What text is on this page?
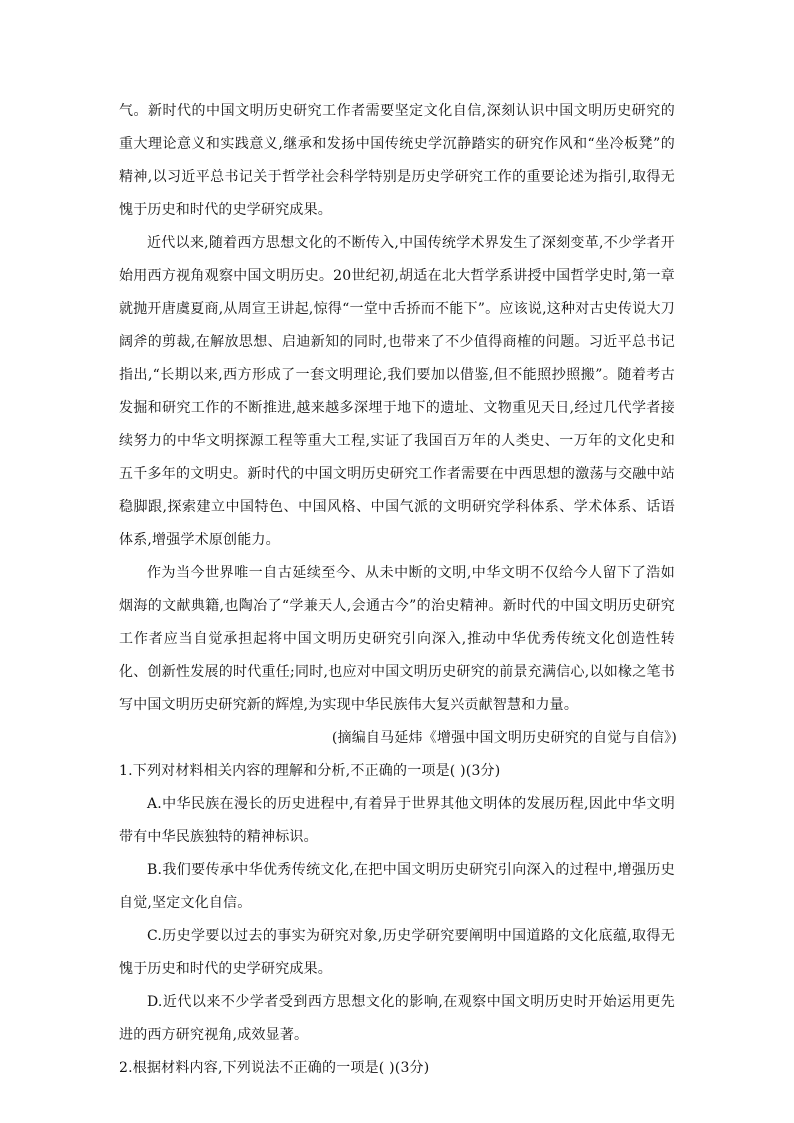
气。新时代的中国文明历史研究工作者需要坚定文化自信,深刻认识中国文明历史研究的重大理论意义和实践意义,继承和发扬中国传统史学沉静踏实的研究作风和“坐冷板凳”的精神,以习近平总书记关于哲学社会科学特别是历史学研究工作的重要论述为指引,取得无愧于历史和时代的史学研究成果。

近代以来,随着西方思想文化的不断传入,中国传统学术界发生了深刻变革,不少学者开始用西方视角观察中国文明历史。20世纪初,胡适在北大哲学系讲授中国哲学史时,第一章就抛开唐虞夏商,从周宣王讲起,惊得“一堂中舌挢而不能下”。应该说,这种对古史传说大刀阔斧的剪裁,在解放思想、启迪新知的同时,也带来了不少值得商榷的问题。习近平总书记指出,“长期以来,西方形成了一套文明理论,我们要加以借鉴,但不能照抄照搬”。随着考古发掘和研究工作的不断推进,越来越多深埋于地下的遗址、文物重见天日,经过几代学者接续努力的中华文明探源工程等重大工程,实证了我国百万年的人类史、一万年的文化史和五千多年的文明史。新时代的中国文明历史研究工作者需要在中西思想的激荡与交融中站稳脚跟,探索建立中国特色、中国风格、中国气派的文明研究学科体系、学术体系、话语体系,增强学术原创能力。

作为当今世界唯一自古延续至今、从未中断的文明,中华文明不仅给今人留下了浩如烟海的文献典籍,也陶冶了“学兼天人,会通古今”的治史精神。新时代的中国文明历史研究工作者应当自觉承担起将中国文明历史研究引向深入,推动中华优秀传统文化创造性转化、创新性发展的时代重任;同时,也应对中国文明历史研究的前景充满信心,以如椽之笔书写中国文明历史研究新的辉煌,为实现中华民族伟大复兴贡献智慧和力量。

(摘编自马延炜《增强中国文明历史研究的自觉与自信》)

1.下列对材料相关内容的理解和分析,不正确的一项是( )(3分)

A.中华民族在漫长的历史进程中,有着异于世界其他文明体的发展历程,因此中华文明带有中华民族独特的精神标识。

B.我们要传承中华优秀传统文化,在把中国文明历史研究引向深入的过程中,增强历史自觉,坚定文化自信。

C.历史学要以过去的事实为研究对象,历史学研究要阐明中国道路的文化底蕴,取得无愧于历史和时代的史学研究成果。

D.近代以来不少学者受到西方思想文化的影响,在观察中国文明历史时开始运用更先进的西方研究视角,成效显著。

2.根据材料内容,下列说法不正确的一项是( )(3分)
